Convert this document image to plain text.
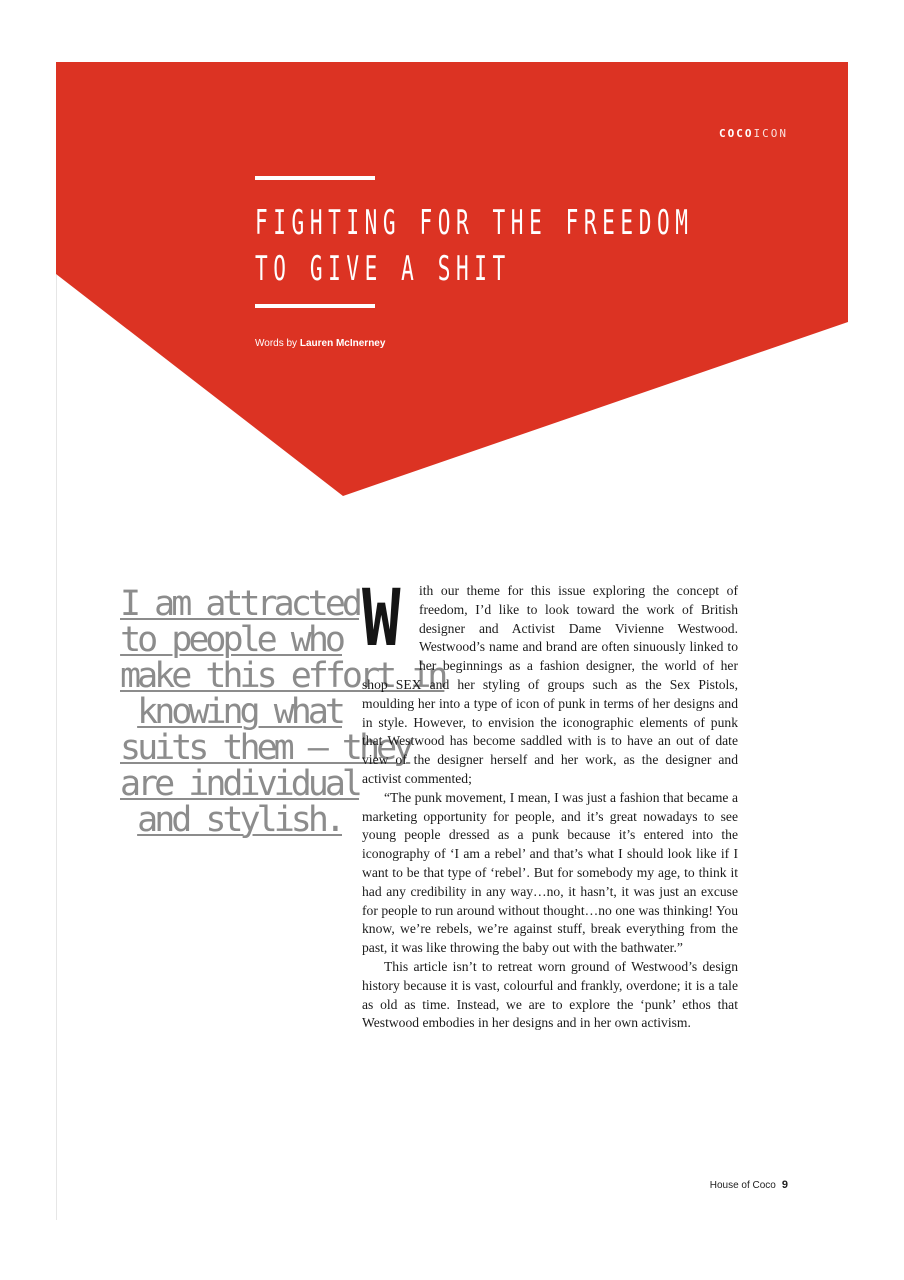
COCOICON
FIGHTING FOR THE FREEDOM
TO GIVE A SHIT
Words by Lauren McInerney
I am attracted
to people who
make this effort in
knowing what
suits them – they
are individual
and stylish.

W ith our theme for this issue exploring the concept of freedom, I’d like to look toward the work of British designer and Activist Dame Vivienne Westwood. Westwood’s name and brand are often sinuously linked to her beginnings as a fashion designer, the world of her shop SEX and her styling of groups such as the Sex Pistols, moulding her into a type of icon of punk in terms of her designs and in style. However, to envision the iconographic elements of punk that Westwood has become saddled with is to have an out of date view of the designer herself and her work, as the designer and activist commented;

“The punk movement, I mean, I was just a fashion that became a marketing opportunity for people, and it’s great nowadays to see young people dressed as a punk because it’s entered into the iconography of ‘I am a rebel’ and that’s what I should look like if I want to be that type of ‘rebel’. But for somebody my age, to think it had any credibility in any way…no, it hasn’t, it was just an excuse for people to run around without thought…no one was thinking! You know, we’re rebels, we’re against stuff, break everything from the past, it was like throwing the baby out with the bathwater.”

This article isn’t to retreat worn ground of Westwood’s design history because it is vast, colourful and frankly, overdone; it is a tale as old as time. Instead, we are to explore the ‘punk’ ethos that Westwood embodies in her designs and in her own activism.

House of Coco 9
